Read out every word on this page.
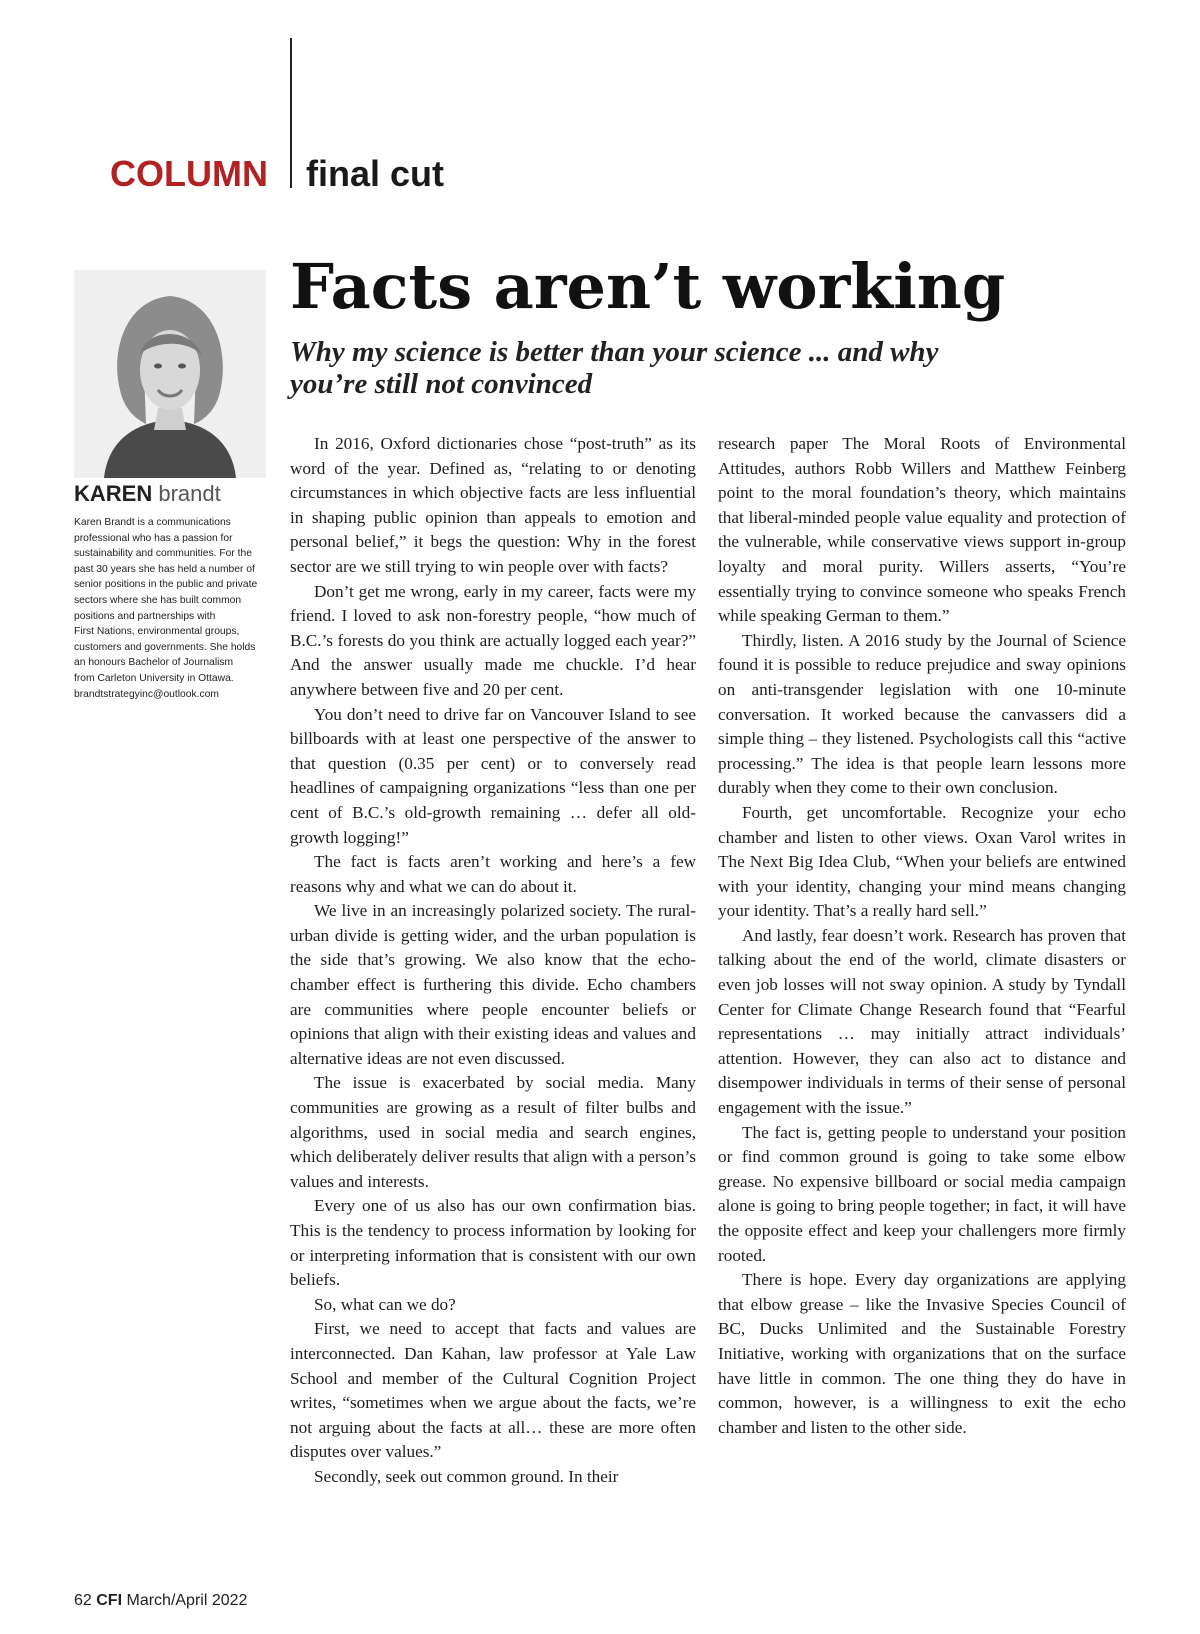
COLUMN final cut
Facts aren’t working
Why my science is better than your science ... and why you’re still not convinced
KAREN brandt
Karen Brandt is a communications
professional who has a passion for
sustainability and communities. For the
past 30 years she has held a number of
senior positions in the public and private
sectors where she has built common
positions and partnerships with
First Nations, environmental groups,
customers and governments. She holds
an honours Bachelor of Journalism
from Carleton University in Ottawa.
brandtstrategyinc@outlook.com

In 2016, Oxford dictionaries chose “post-truth” as its word of the year. Defined as, “relating to or denoting circumstances in which objective facts are less influential in shaping public opinion than appeals to emotion and personal belief,” it begs the question: Why in the forest sector are we still trying to win people over with facts?

Don’t get me wrong, early in my career, facts were my friend. I loved to ask non-forestry people, “how much of B.C.’s forests do you think are actually logged each year?” And the answer usually made me chuckle. I’d hear anywhere between five and 20 per cent.

You don’t need to drive far on Vancouver Island to see billboards with at least one perspective of the answer to that question (0.35 per cent) or to conversely read headlines of campaigning organizations “less than one per cent of B.C.’s old-growth remaining … defer all old-growth logging!”

The fact is facts aren’t working and here’s a few reasons why and what we can do about it.

We live in an increasingly polarized society. The rural-urban divide is getting wider, and the urban population is the side that’s growing. We also know that the echo-chamber effect is furthering this divide. Echo chambers are communities where people encounter beliefs or opinions that align with their existing ideas and values and alternative ideas are not even discussed.

The issue is exacerbated by social media. Many communities are growing as a result of filter bulbs and algorithms, used in social media and search engines, which deliberately deliver results that align with a person’s values and interests.

Every one of us also has our own confirmation bias. This is the tendency to process information by looking for or interpreting information that is consistent with our own beliefs.

So, what can we do?

First, we need to accept that facts and values are interconnected. Dan Kahan, law professor at Yale Law School and member of the Cultural Cognition Project writes, “sometimes when we argue about the facts, we’re not arguing about the facts at all… these are more often disputes over values.”

Secondly, seek out common ground. In their

research paper The Moral Roots of Environmental Attitudes, authors Robb Willers and Matthew Feinberg point to the moral foundation’s theory, which maintains that liberal-minded people value equality and protection of the vulnerable, while conservative views support in-group loyalty and moral purity. Willers asserts, “You’re essentially trying to convince someone who speaks French while speaking German to them.”

Thirdly, listen. A 2016 study by the Journal of Science found it is possible to reduce prejudice and sway opinions on anti-transgender legislation with one 10-minute conversation. It worked because the canvassers did a simple thing – they listened. Psychologists call this “active processing.” The idea is that people learn lessons more durably when they come to their own conclusion.

Fourth, get uncomfortable. Recognize your echo chamber and listen to other views. Oxan Varol writes in The Next Big Idea Club, “When your beliefs are entwined with your identity, changing your mind means changing your identity. That’s a really hard sell.”

And lastly, fear doesn’t work. Research has proven that talking about the end of the world, climate disasters or even job losses will not sway opinion. A study by Tyndall Center for Climate Change Research found that “Fearful representations … may initially attract individuals’ attention. However, they can also act to distance and disempower individuals in terms of their sense of personal engagement with the issue.”

The fact is, getting people to understand your position or find common ground is going to take some elbow grease. No expensive billboard or social media campaign alone is going to bring people together; in fact, it will have the opposite effect and keep your challengers more firmly rooted.

There is hope. Every day organizations are applying that elbow grease – like the Invasive Species Council of BC, Ducks Unlimited and the Sustainable Forestry Initiative, working with organizations that on the surface have little in common. The one thing they do have in common, however, is a willingness to exit the echo chamber and listen to the other side.

62 CFI March/April 2022
